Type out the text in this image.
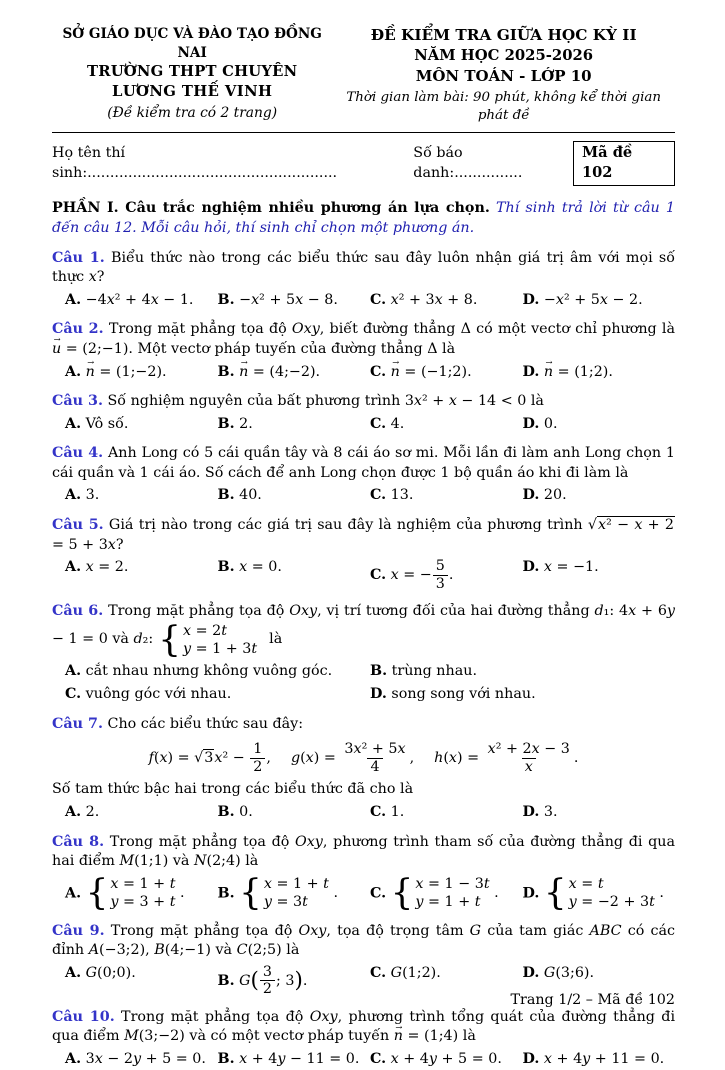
SỞ GIÁO DỤC VÀ ĐÀO TẠO ĐỒNG NAI
TRƯỜNG THPT CHUYÊN
LƯƠNG THẾ VINH
(Đề kiểm tra có 2 trang)
ĐỀ KIỂM TRA GIỮA HỌC KỲ II
NĂM HỌC 2025-2026
MÔN TOÁN - LỚP 10
Thời gian làm bài: 90 phút, không kể thời gian phát đề
Họ tên thí sinh:.......................................................
Số báo danh:...............
Mã đề 102

PHẦN I. Câu trắc nghiệm nhiều phương án lựa chọn. Thí sinh trả lời từ câu 1 đến câu 12. Mỗi câu hỏi, thí sinh chỉ chọn một phương án.

Câu 1. Biểu thức nào trong các biểu thức sau đây luôn nhận giá trị âm với mọi số thực x?

A. −4x² + 4x − 1.	B. −x² + 5x − 8.	C. x² + 3x + 8.	D. −x² + 5x − 2.

Câu 2. Trong mặt phẳng tọa độ Oxy, biết đường thẳng Δ có một vectơ chỉ phương là u → = (2;−1). Một vectơ pháp tuyến của đường thẳng Δ là

A. n → = (1;−2).	B. n → = (4;−2).	C. n → = (−1;2).	D. n → = (1;2).

Câu 3. Số nghiệm nguyên của bất phương trình 3x² + x − 14 < 0 là

A. Vô số.	B. 2.	C. 4.	D. 0.

Câu 4. Anh Long có 5 cái quần tây và 8 cái áo sơ mi. Mỗi lần đi làm anh Long chọn 1 cái quần và 1 cái áo. Số cách để anh Long chọn được 1 bộ quần áo khi đi làm là

A. 3.	B. 40.	C. 13.	D. 20.

Câu 5. Giá trị nào trong các giá trị sau đây là nghiệm của phương trình √x² − x + 2 = 5 + 3x?

A. x = 2.	B. x = 0.	C. x = − $\frac{5}{3}$ .	D. x = −1.

Câu 6. Trong mặt phẳng tọa độ Oxy, vị trí tương đối của hai đường thẳng d₁: 4x + 6y − 1 = 0 và d₂:
{ x = 2t
y = 1 + 3t
là

A. cắt nhau nhưng không vuông góc.	B. trùng nhau.
C. vuông góc với nhau.	D. song song với nhau.

Câu 7. Cho các biểu thức sau đây:

$f(x) = √3x^2 - \frac{1}{2}$ , $g(x) = \frac{\text{3x² + 5x}}{4}$ , $h(x) = \frac{\text{x² + 2x − 3}}{x}$ .

Số tam thức bậc hai trong các biểu thức đã cho là

A. 2.	B. 0.	C. 1.	D. 3.

Câu 8. Trong mặt phẳng tọa độ Oxy, phương trình tham số của đường thẳng đi qua hai điểm M(1;1) và N(2;4) là

A.
{ x = 1 + t
y = 3 + t
.	B.
{ x = 1 + t
y = 3t
.	C.
{ x = 1 − 3t
y = 1 + t
.	D.
{ x = t
y = −2 + 3t
.

Câu 9. Trong mặt phẳng tọa độ Oxy, tọa độ trọng tâm G của tam giác ABC có các đỉnh A(−3;2), B(4;−1) và C(2;5) là

A. G(0;0).	B. $G( \frac{3}{2}$ ; 3).	C. G(1;2).	D. G(3;6).

Câu 10. Trong mặt phẳng tọa độ Oxy, phương trình tổng quát của đường thẳng đi qua điểm M(3;−2) và có một vectơ pháp tuyến n → = (1;4) là

A. 3x − 2y + 5 = 0. B. x + 4y − 11 = 0. C. x + 4y + 5 = 0.	D. x + 4y + 11 = 0.
Trang 1/2 – Mã đề 102
